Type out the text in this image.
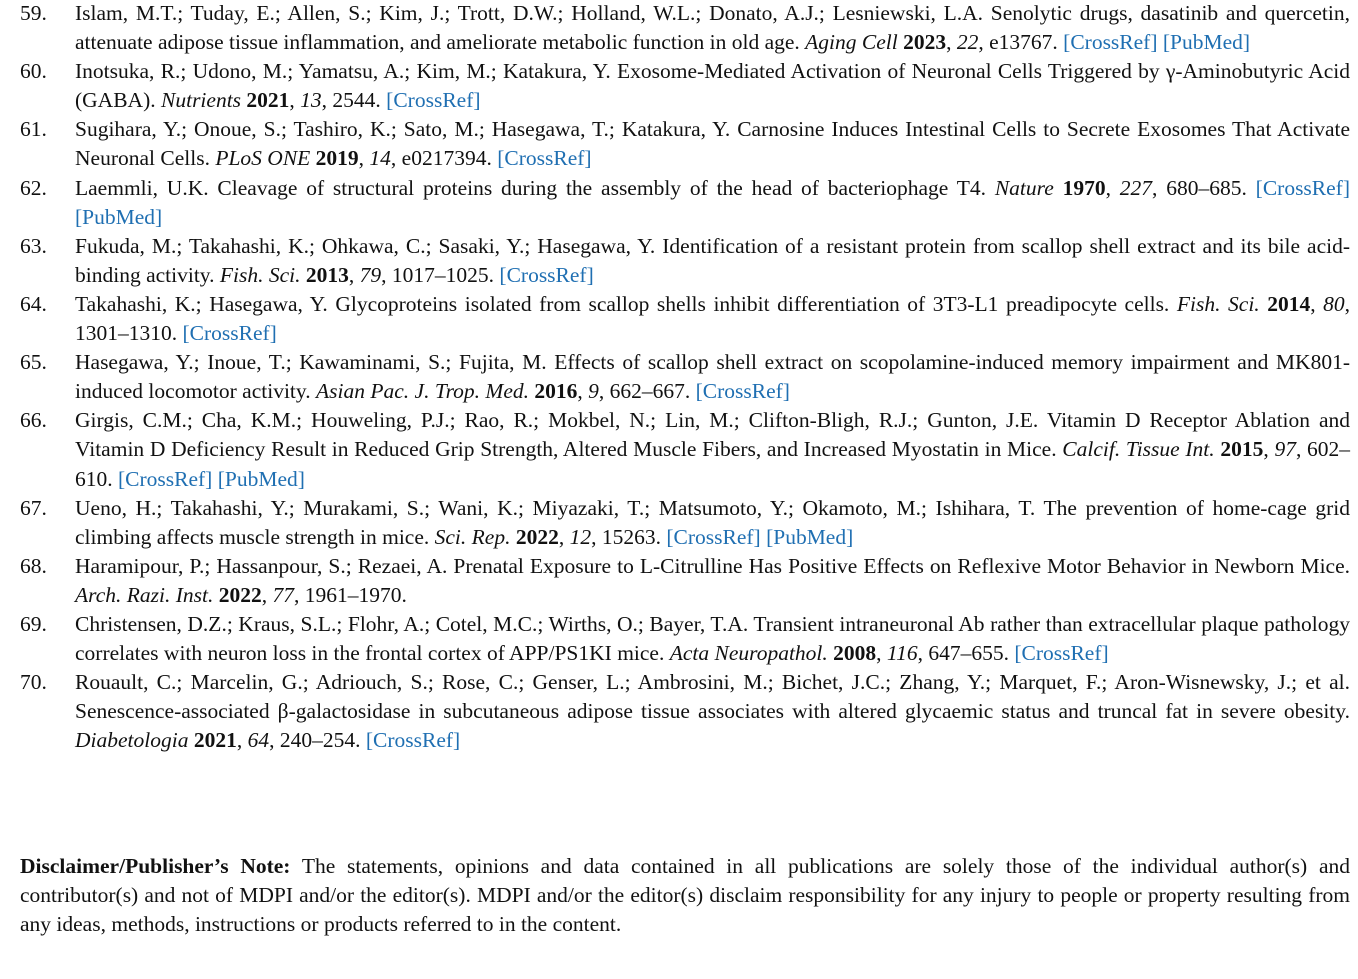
59. Islam, M.T.; Tuday, E.; Allen, S.; Kim, J.; Trott, D.W.; Holland, W.L.; Donato, A.J.; Lesniewski, L.A. Senolytic drugs, dasatinib and quercetin, attenuate adipose tissue inflammation, and ameliorate metabolic function in old age. Aging Cell 2023, 22, e13767. [CrossRef] [PubMed]
60. Inotsuka, R.; Udono, M.; Yamatsu, A.; Kim, M.; Katakura, Y. Exosome-Mediated Activation of Neuronal Cells Triggered by γ-Aminobutyric Acid (GABA). Nutrients 2021, 13, 2544. [CrossRef]
61. Sugihara, Y.; Onoue, S.; Tashiro, K.; Sato, M.; Hasegawa, T.; Katakura, Y. Carnosine Induces Intestinal Cells to Secrete Exosomes That Activate Neuronal Cells. PLoS ONE 2019, 14, e0217394. [CrossRef]
62. Laemmli, U.K. Cleavage of structural proteins during the assembly of the head of bacteriophage T4. Nature 1970, 227, 680–685. [CrossRef] [PubMed]
63. Fukuda, M.; Takahashi, K.; Ohkawa, C.; Sasaki, Y.; Hasegawa, Y. Identification of a resistant protein from scallop shell extract and its bile acid-binding activity. Fish. Sci. 2013, 79, 1017–1025. [CrossRef]
64. Takahashi, K.; Hasegawa, Y. Glycoproteins isolated from scallop shells inhibit differentiation of 3T3-L1 preadipocyte cells. Fish. Sci. 2014, 80, 1301–1310. [CrossRef]
65. Hasegawa, Y.; Inoue, T.; Kawaminami, S.; Fujita, M. Effects of scallop shell extract on scopolamine-induced memory impairment and MK801-induced locomotor activity. Asian Pac. J. Trop. Med. 2016, 9, 662–667. [CrossRef]
66. Girgis, C.M.; Cha, K.M.; Houweling, P.J.; Rao, R.; Mokbel, N.; Lin, M.; Clifton-Bligh, R.J.; Gunton, J.E. Vitamin D Receptor Ablation and Vitamin D Deficiency Result in Reduced Grip Strength, Altered Muscle Fibers, and Increased Myostatin in Mice. Calcif. Tissue Int. 2015, 97, 602–610. [CrossRef] [PubMed]
67. Ueno, H.; Takahashi, Y.; Murakami, S.; Wani, K.; Miyazaki, T.; Matsumoto, Y.; Okamoto, M.; Ishihara, T. The prevention of home-cage grid climbing affects muscle strength in mice. Sci. Rep. 2022, 12, 15263. [CrossRef] [PubMed]
68. Haramipour, P.; Hassanpour, S.; Rezaei, A. Prenatal Exposure to L-Citrulline Has Positive Effects on Reflexive Motor Behavior in Newborn Mice. Arch. Razi. Inst. 2022, 77, 1961–1970.
69. Christensen, D.Z.; Kraus, S.L.; Flohr, A.; Cotel, M.C.; Wirths, O.; Bayer, T.A. Transient intraneuronal Ab rather than extracellular plaque pathology correlates with neuron loss in the frontal cortex of APP/PS1KI mice. Acta Neuropathol. 2008, 116, 647–655. [CrossRef]
70. Rouault, C.; Marcelin, G.; Adriouch, S.; Rose, C.; Genser, L.; Ambrosini, M.; Bichet, J.C.; Zhang, Y.; Marquet, F.; Aron-Wisnewsky, J.; et al. Senescence-associated β-galactosidase in subcutaneous adipose tissue associates with altered glycaemic status and truncal fat in severe obesity. Diabetologia 2021, 64, 240–254. [CrossRef]

Disclaimer/Publisher’s Note: The statements, opinions and data contained in all publications are solely those of the individual author(s) and contributor(s) and not of MDPI and/or the editor(s). MDPI and/or the editor(s) disclaim responsibility for any injury to people or property resulting from any ideas, methods, instructions or products referred to in the content.
